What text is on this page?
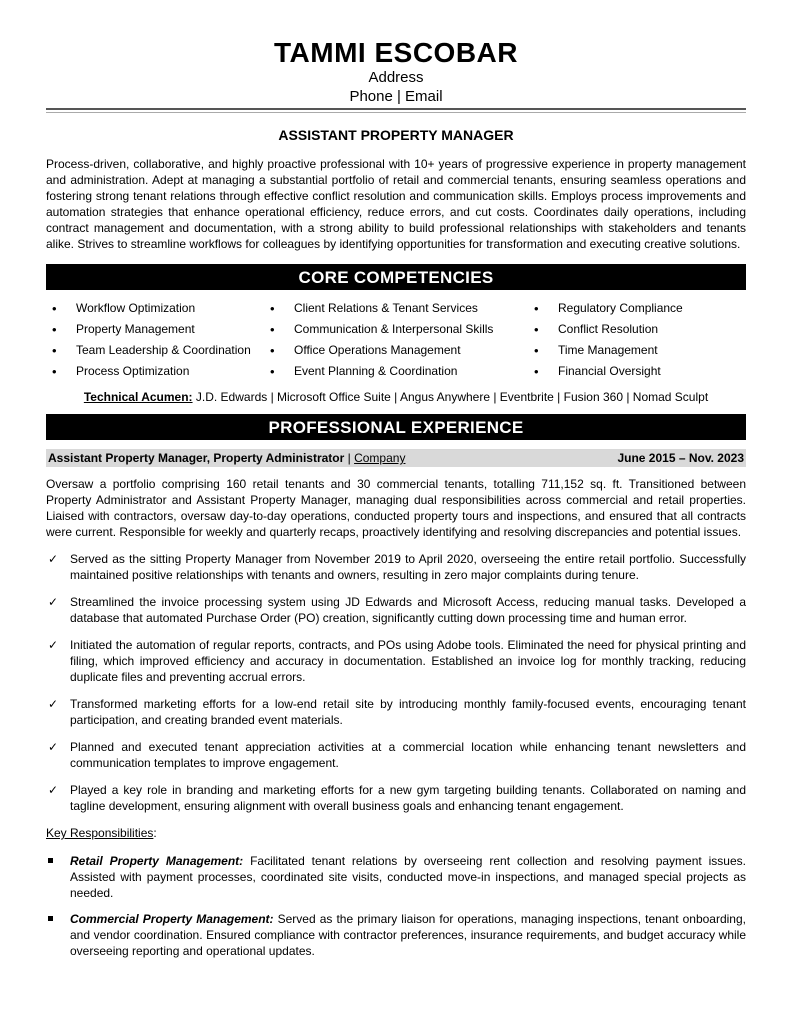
TAMMI ESCOBAR
Address
Phone | Email
ASSISTANT PROPERTY MANAGER
Process-driven, collaborative, and highly proactive professional with 10+ years of progressive experience in property management and administration. Adept at managing a substantial portfolio of retail and commercial tenants, ensuring seamless operations and fostering strong tenant relations through effective conflict resolution and communication skills. Employs process improvements and automation strategies that enhance operational efficiency, reduce errors, and cut costs. Coordinates daily operations, including contract management and documentation, with a strong ability to build professional relationships with stakeholders and tenants alike. Strives to streamline workflows for colleagues by identifying opportunities for transformation and executing creative solutions.
CORE COMPETENCIES
• Workflow Optimization
• Property Management
• Team Leadership & Coordination
• Process Optimization
• Client Relations & Tenant Services
• Communication & Interpersonal Skills
• Office Operations Management
• Event Planning & Coordination
• Regulatory Compliance
• Conflict Resolution
• Time Management
• Financial Oversight
Technical Acumen: J.D. Edwards | Microsoft Office Suite | Angus Anywhere | Eventbrite | Fusion 360 | Nomad Sculpt
PROFESSIONAL EXPERIENCE
Assistant Property Manager, Property Administrator | Company	June 2015 – Nov. 2023
Oversaw a portfolio comprising 160 retail tenants and 30 commercial tenants, totalling 711,152 sq. ft. Transitioned between Property Administrator and Assistant Property Manager, managing dual responsibilities across commercial and retail properties. Liaised with contractors, oversaw day-to-day operations, conducted property tours and inspections, and ensured that all contracts were current. Responsible for weekly and quarterly recaps, proactively identifying and resolving discrepancies and potential issues.
✓ Served as the sitting Property Manager from November 2019 to April 2020, overseeing the entire retail portfolio. Successfully maintained positive relationships with tenants and owners, resulting in zero major complaints during tenure.
✓ Streamlined the invoice processing system using JD Edwards and Microsoft Access, reducing manual tasks. Developed a database that automated Purchase Order (PO) creation, significantly cutting down processing time and human error.
✓ Initiated the automation of regular reports, contracts, and POs using Adobe tools. Eliminated the need for physical printing and filing, which improved efficiency and accuracy in documentation. Established an invoice log for monthly tracking, reducing duplicate files and preventing accrual errors.
✓ Transformed marketing efforts for a low-end retail site by introducing monthly family-focused events, encouraging tenant participation, and creating branded event materials.
✓ Planned and executed tenant appreciation activities at a commercial location while enhancing tenant newsletters and communication templates to improve engagement.
✓ Played a key role in branding and marketing efforts for a new gym targeting building tenants. Collaborated on naming and tagline development, ensuring alignment with overall business goals and enhancing tenant engagement.
Key Responsibilities:
Retail Property Management: Facilitated tenant relations by overseeing rent collection and resolving payment issues. Assisted with payment processes, coordinated site visits, conducted move-in inspections, and managed special projects as needed.
Commercial Property Management: Served as the primary liaison for operations, managing inspections, tenant onboarding, and vendor coordination. Ensured compliance with contractor preferences, insurance requirements, and budget accuracy while overseeing reporting and operational updates.
